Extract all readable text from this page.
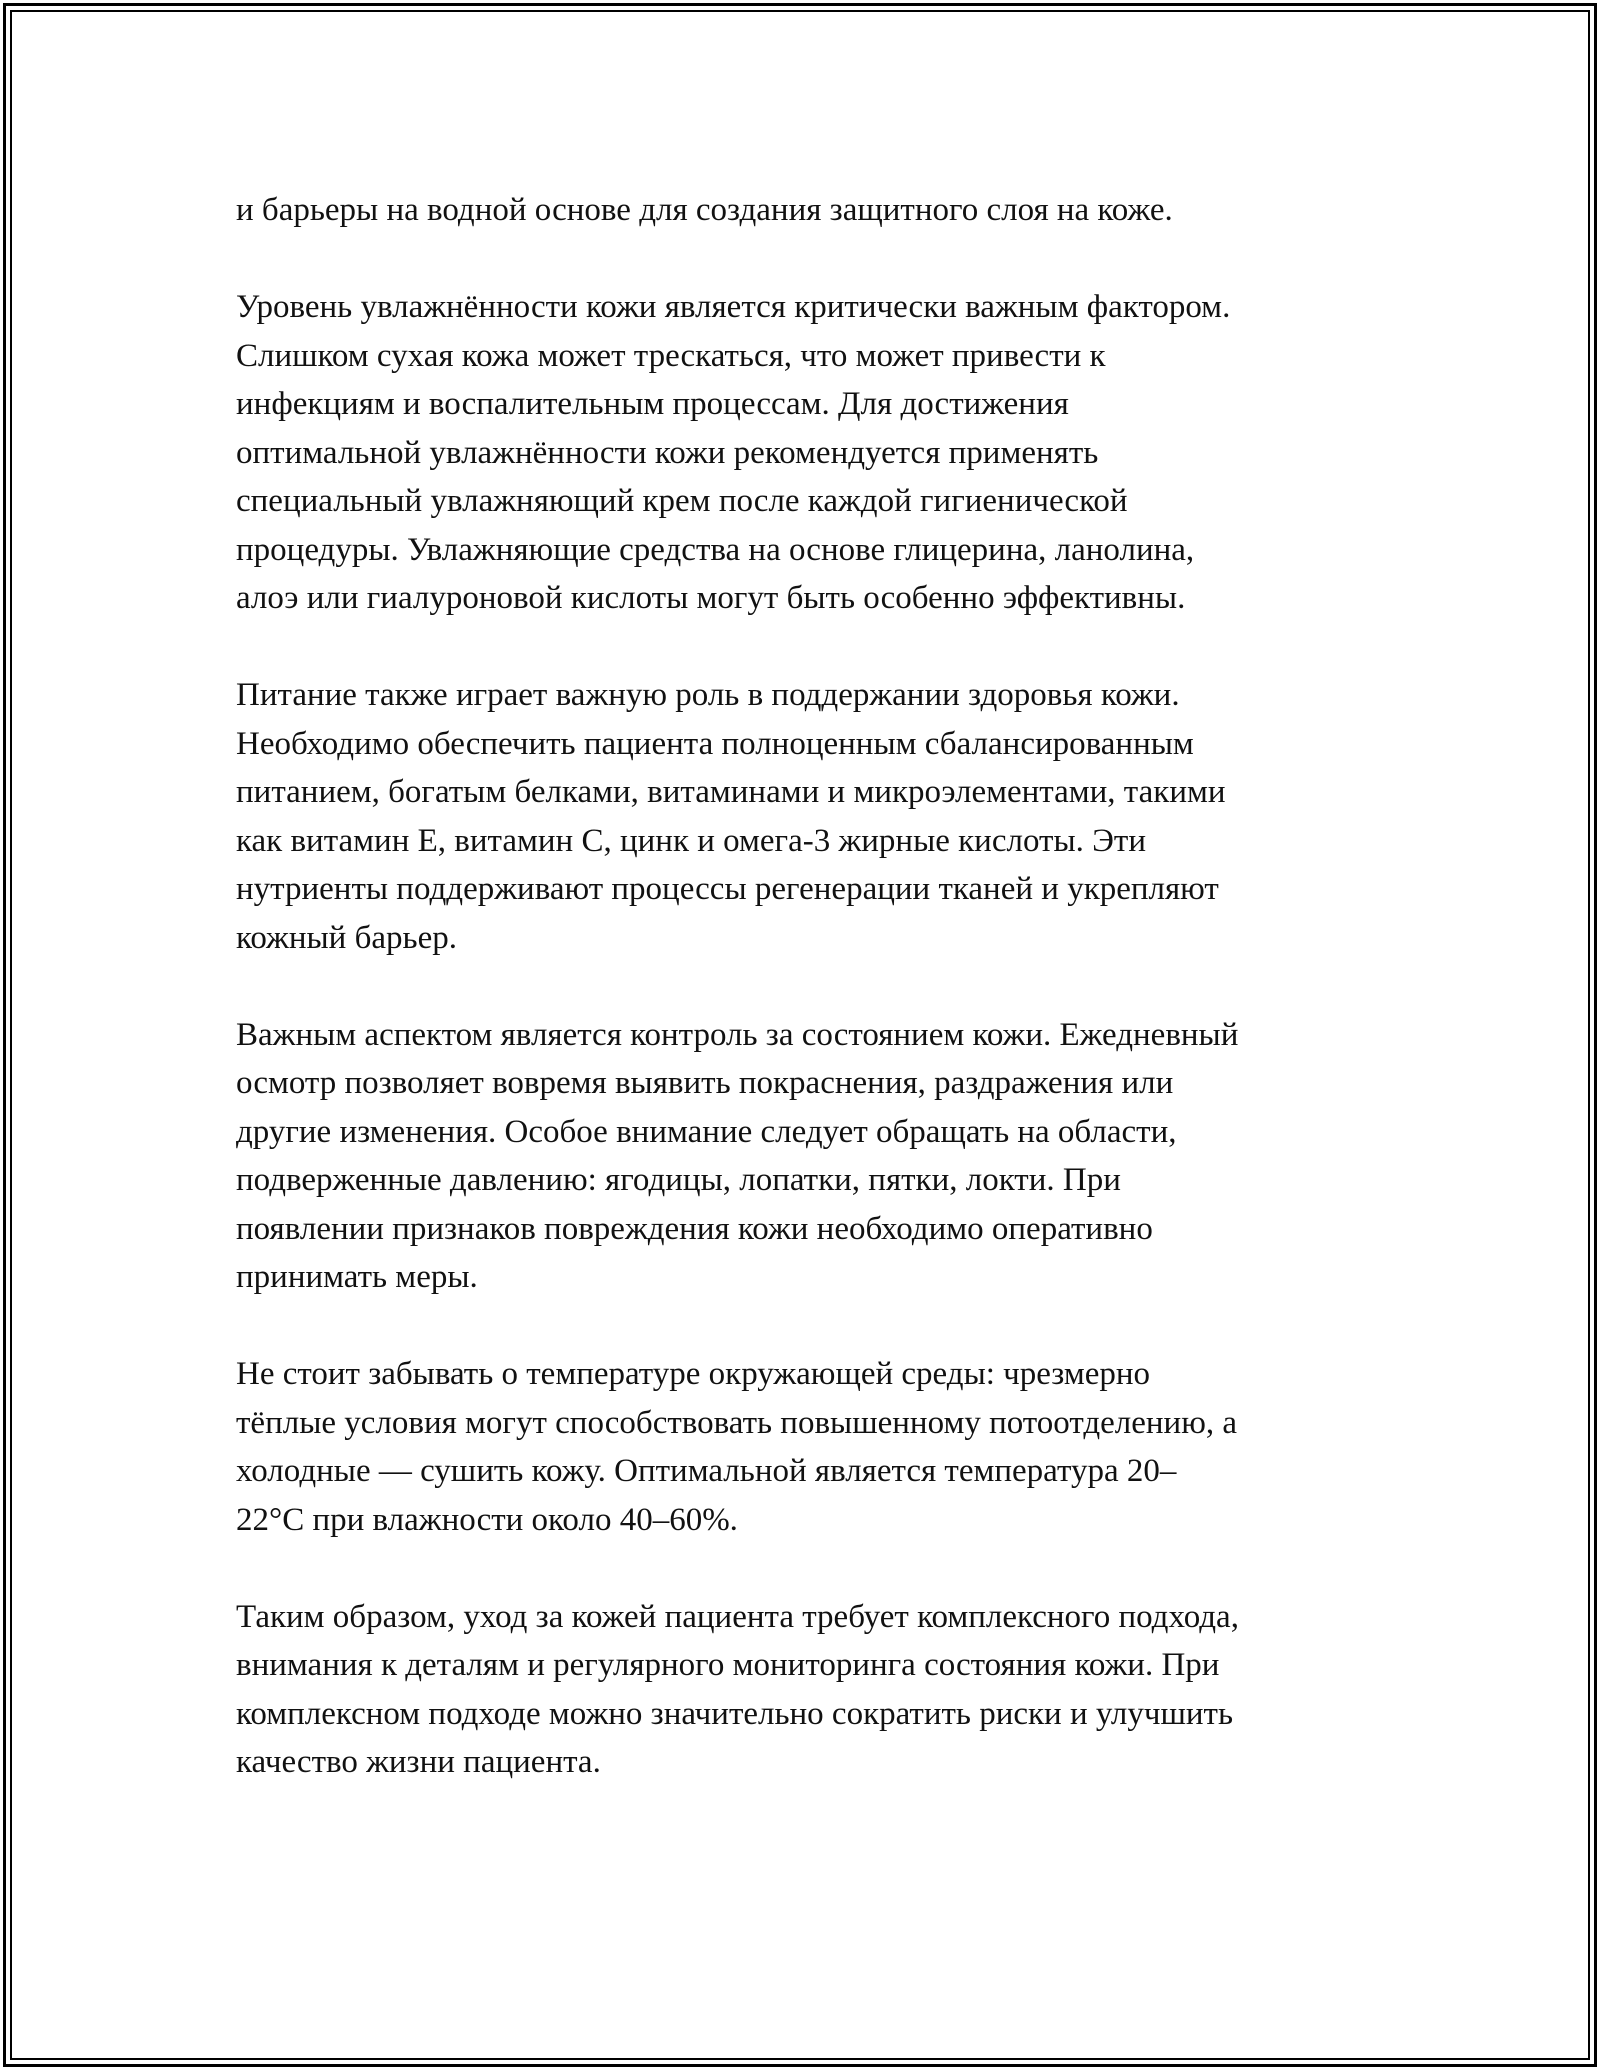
и барьеры на водной основе для создания защитного слоя на коже.

Уровень увлажнённости кожи является критически важным фактором.
Слишком сухая кожа может трескаться, что может привести к
инфекциям и воспалительным процессам. Для достижения
оптимальной увлажнённости кожи рекомендуется применять
специальный увлажняющий крем после каждой гигиенической
процедуры. Увлажняющие средства на основе глицерина, ланолина,
алоэ или гиалуроновой кислоты могут быть особенно эффективны.

Питание также играет важную роль в поддержании здоровья кожи.
Необходимо обеспечить пациента полноценным сбалансированным
питанием, богатым белками, витаминами и микроэлементами, такими
как витамин Е, витамин С, цинк и омега-3 жирные кислоты. Эти
нутриенты поддерживают процессы регенерации тканей и укрепляют
кожный барьер.

Важным аспектом является контроль за состоянием кожи. Ежедневный
осмотр позволяет вовремя выявить покраснения, раздражения или
другие изменения. Особое внимание следует обращать на области,
подверженные давлению: ягодицы, лопатки, пятки, локти. При
появлении признаков повреждения кожи необходимо оперативно
принимать меры.

Не стоит забывать о температуре окружающей среды: чрезмерно
тёплые условия могут способствовать повышенному потоотделению, а
холодные — сушить кожу. Оптимальной является температура 20–
22°С при влажности около 40–60%.

Таким образом, уход за кожей пациента требует комплексного подхода,
внимания к деталям и регулярного мониторинга состояния кожи. При
комплексном подходе можно значительно сократить риски и улучшить
качество жизни пациента.
